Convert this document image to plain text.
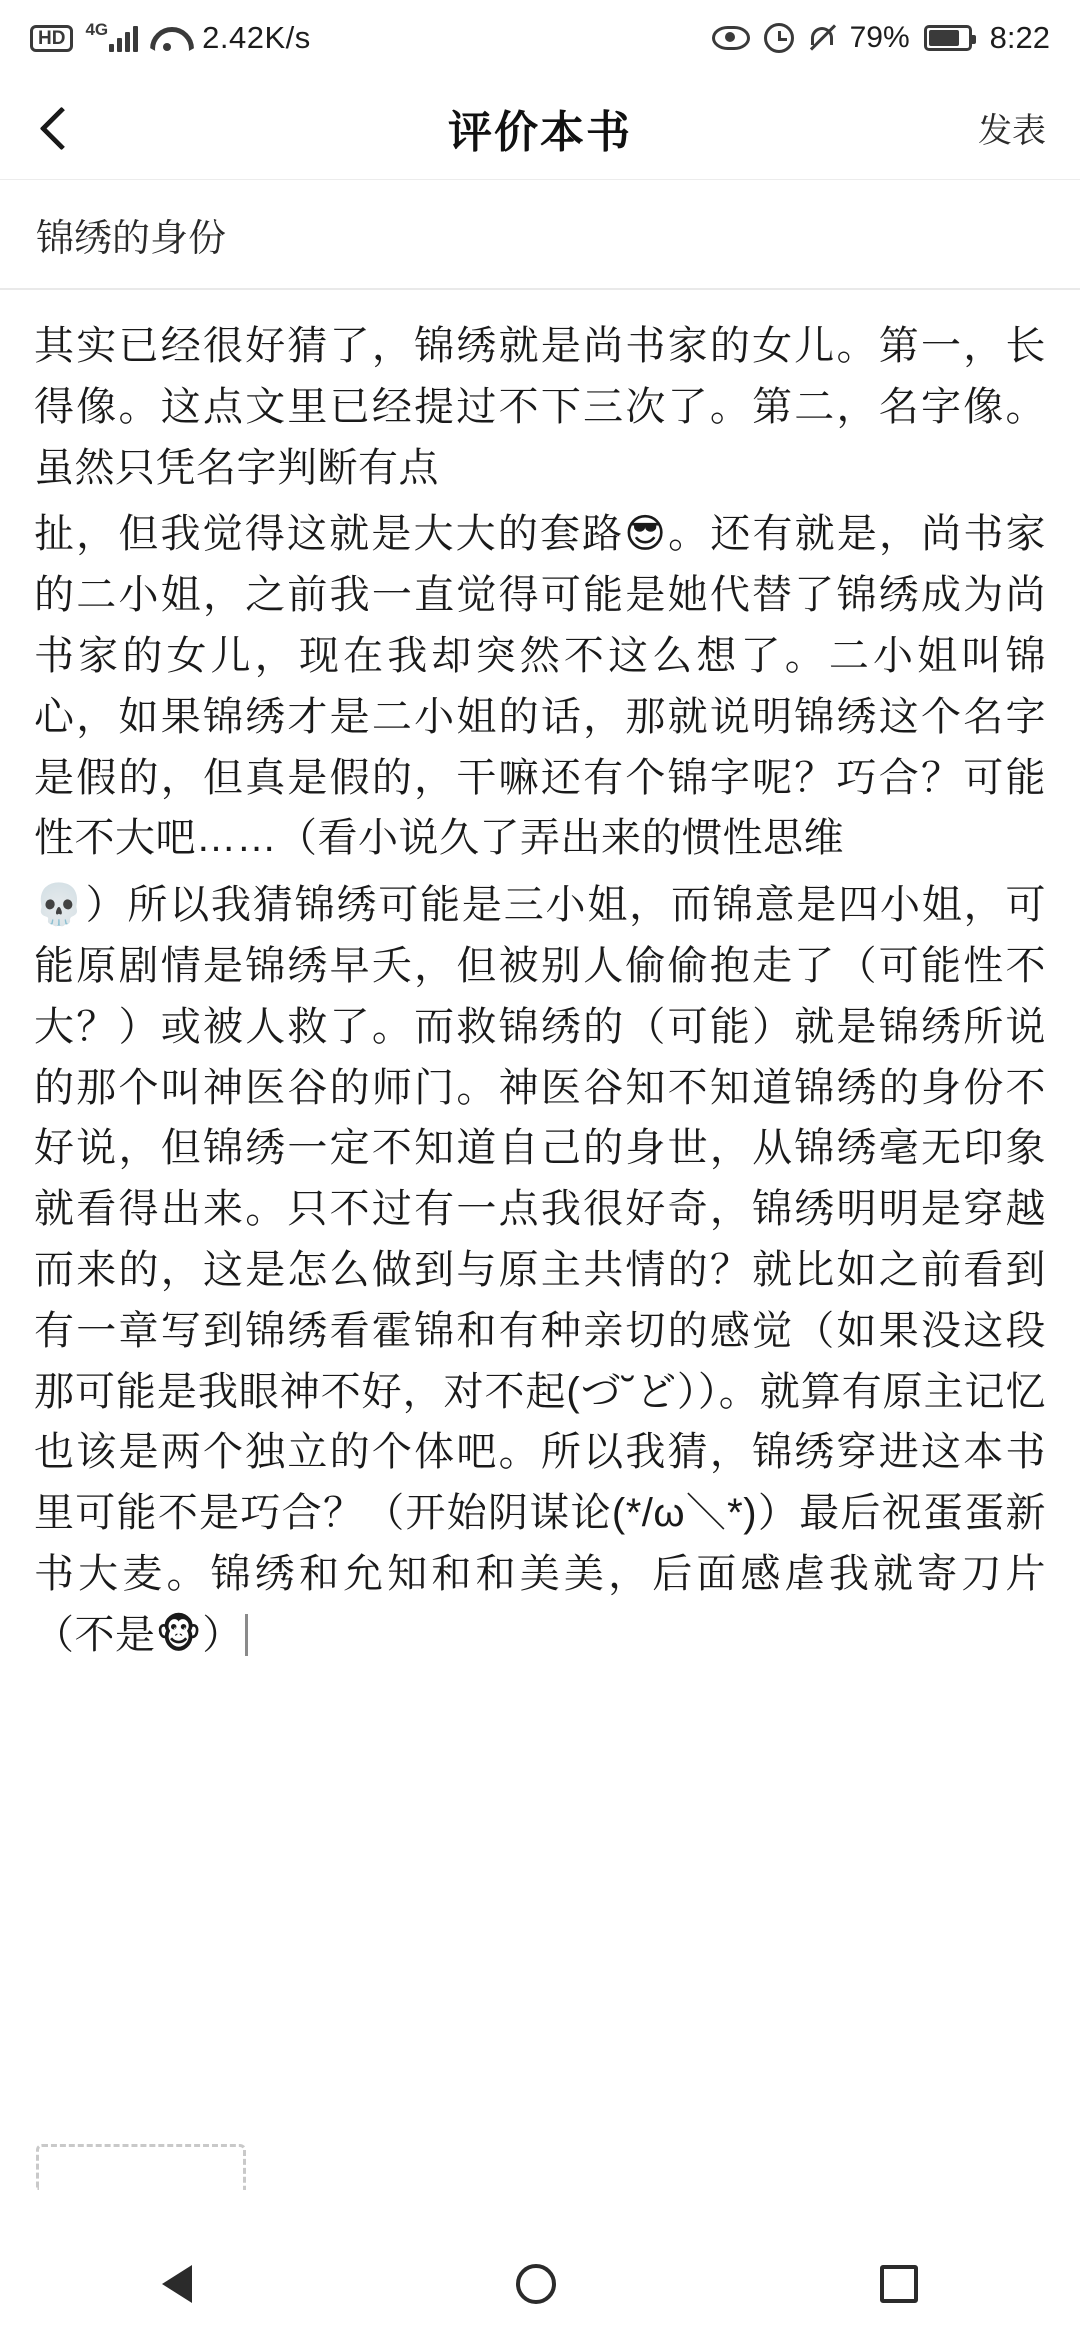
HD	4G	2.42K/s	79%	8:22
评价本书	发表
锦绣的身份

其实已经很好猜了，锦绣就是尚书家的女儿。第一，长得像。这点文里已经提过不下三次了。第二，名字像。虽然只凭名字判断有点

扯，但我觉得这就是大大的套路😎。还有就是，尚书家的二小姐，之前我一直觉得可能是她代替了锦绣成为尚书家的女儿，现在我却突然不这么想了。二小姐叫锦心，如果锦绣才是二小姐的话，那就说明锦绣这个名字是假的，但真是假的，干嘛还有个锦字呢？巧合？可能性不大吧……（看小说久了弄出来的惯性思维

💀）所以我猜锦绣可能是三小姐，而锦意是四小姐，可能原剧情是锦绣早夭，但被别人偷偷抱走了（可能性不大？）或被人救了。而救锦绣的（可能）就是锦绣所说的那个叫神医谷的师门。神医谷知不知道锦绣的身份不好说，但锦绣一定不知道自己的身世，从锦绣毫无印象就看得出来。只不过有一点我很好奇，锦绣明明是穿越而来的，这是怎么做到与原主共情的？就比如之前看到有一章写到锦绣看霍锦和有种亲切的感觉（如果没这段那可能是我眼神不好，对不起(づ˘ど））。就算有原主记忆也该是两个独立的个体吧。所以我猜，锦绣穿进这本书里可能不是巧合？（开始阴谋论(*/ω＼*)）最后祝蛋蛋新书大麦。锦绣和允知和和美美，后面感虐我就寄刀片（不是🐵）
